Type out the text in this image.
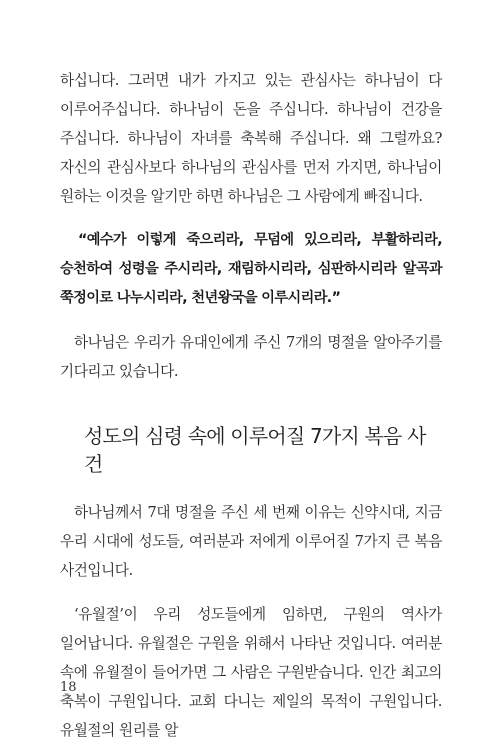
하십니다. 그러면 내가 가지고 있는 관심사는 하나님이 다 이루어주십니다. 하나님이 돈을 주십니다. 하나님이 건강을 주십니다. 하나님이 자녀를 축복해 주십니다. 왜 그럴까요? 자신의 관심사보다 하나님의 관심사를 먼저 가지면, 하나님이 원하는 이것을 알기만 하면 하나님은 그 사람에게 빠집니다.

“예수가 이렇게 죽으리라, 무덤에 있으리라, 부활하리라, 승천하여 성령을 주시리라, 재림하시리라, 심판하시리라 알곡과 쭉정이로 나누시리라, 천년왕국을 이루시리라.”

하나님은 우리가 유대인에게 주신 7개의 명절을 알아주기를 기다리고 있습니다.

성도의 심령 속에 이루어질 7가지 복음 사건

하나님께서 7대 명절을 주신 세 번째 이유는 신약시대, 지금 우리 시대에 성도들, 여러분과 저에게 이루어질 7가지 큰 복음 사건입니다.

‘유월절’이 우리 성도들에게 임하면, 구원의 역사가 일어납니다. 유월절은 구원을 위해서 나타난 것입니다. 여러분 속에 유월절이 들어가면 그 사람은 구원받습니다. 인간 최고의 축복이 구원입니다. 교회 다니는 제일의 목적이 구원입니다. 유월절의 원리를 알

18
